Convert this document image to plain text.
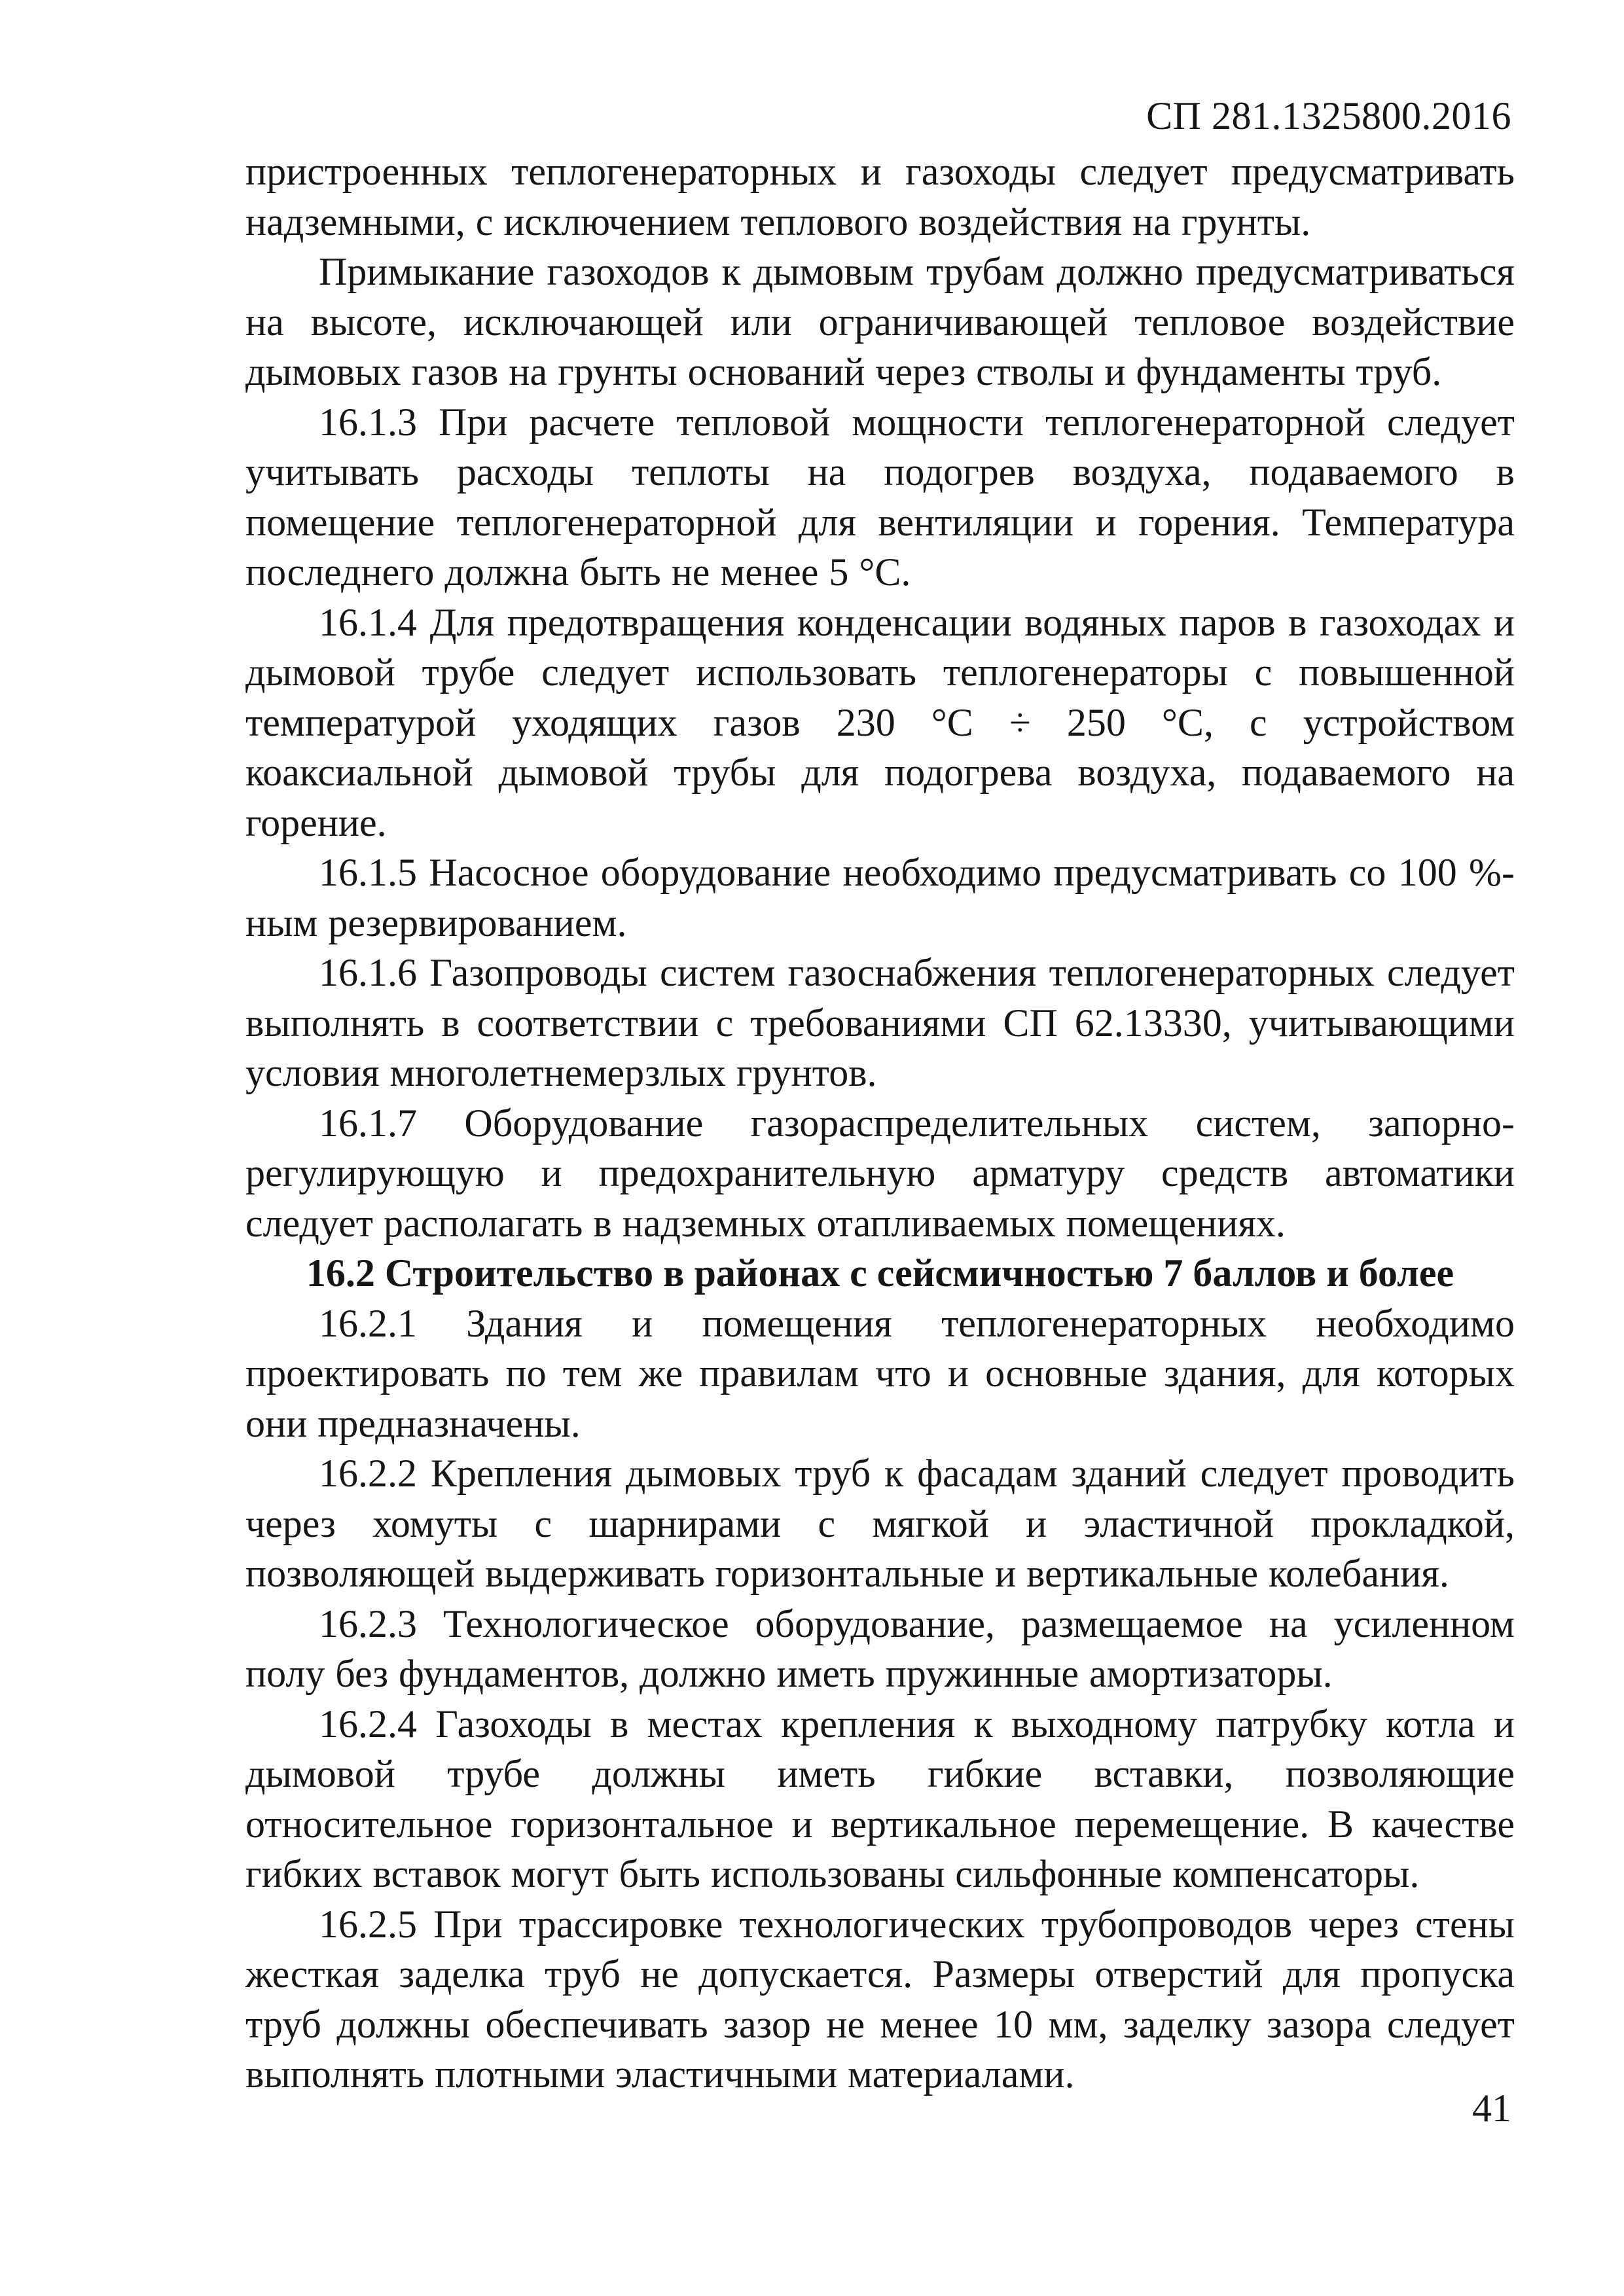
СП 281.1325800.2016

пристроенных теплогенераторных и газоходы следует предусматривать надземными, с исключением теплового воздействия на грунты.

Примыкание газоходов к дымовым трубам должно предусматриваться на высоте, исключающей или ограничивающей тепловое воздействие дымовых газов на грунты оснований через стволы и фундаменты труб.

16.1.3 При расчете тепловой мощности теплогенераторной следует учитывать расходы теплоты на подогрев воздуха, подаваемого в помещение теплогенераторной для вентиляции и горения. Температура последнего должна быть не менее 5 °С.

16.1.4 Для предотвращения конденсации водяных паров в газоходах и дымовой трубе следует использовать теплогенераторы с повышенной температурой уходящих газов 230 °С ÷ 250 °С, с устройством коаксиальной дымовой трубы для подогрева воздуха, подаваемого на горение.

16.1.5 Насосное оборудование необходимо предусматривать со 100 %-ным резервированием.

16.1.6 Газопроводы систем газоснабжения теплогенераторных следует выполнять в соответствии с требованиями СП 62.13330, учитывающими условия многолетнемерзлых грунтов.

16.1.7 Оборудование газораспределительных систем, запорно-регулирующую и предохранительную арматуру средств автоматики следует располагать в надземных отапливаемых помещениях.

16.2 Строительство в районах с сейсмичностью 7 баллов и более

16.2.1 Здания и помещения теплогенераторных необходимо проектировать по тем же правилам что и основные здания, для которых они предназначены.

16.2.2 Крепления дымовых труб к фасадам зданий следует проводить через хомуты с шарнирами с мягкой и эластичной прокладкой, позволяющей выдерживать горизонтальные и вертикальные колебания.

16.2.3 Технологическое оборудование, размещаемое на усиленном полу без фундаментов, должно иметь пружинные амортизаторы.

16.2.4 Газоходы в местах крепления к выходному патрубку котла и дымовой трубе должны иметь гибкие вставки, позволяющие относительное горизонтальное и вертикальное перемещение. В качестве гибких вставок могут быть использованы сильфонные компенсаторы.

16.2.5 При трассировке технологических трубопроводов через стены жесткая заделка труб не допускается. Размеры отверстий для пропуска труб должны обеспечивать зазор не менее 10 мм, заделку зазора следует выполнять плотными эластичными материалами.

41
